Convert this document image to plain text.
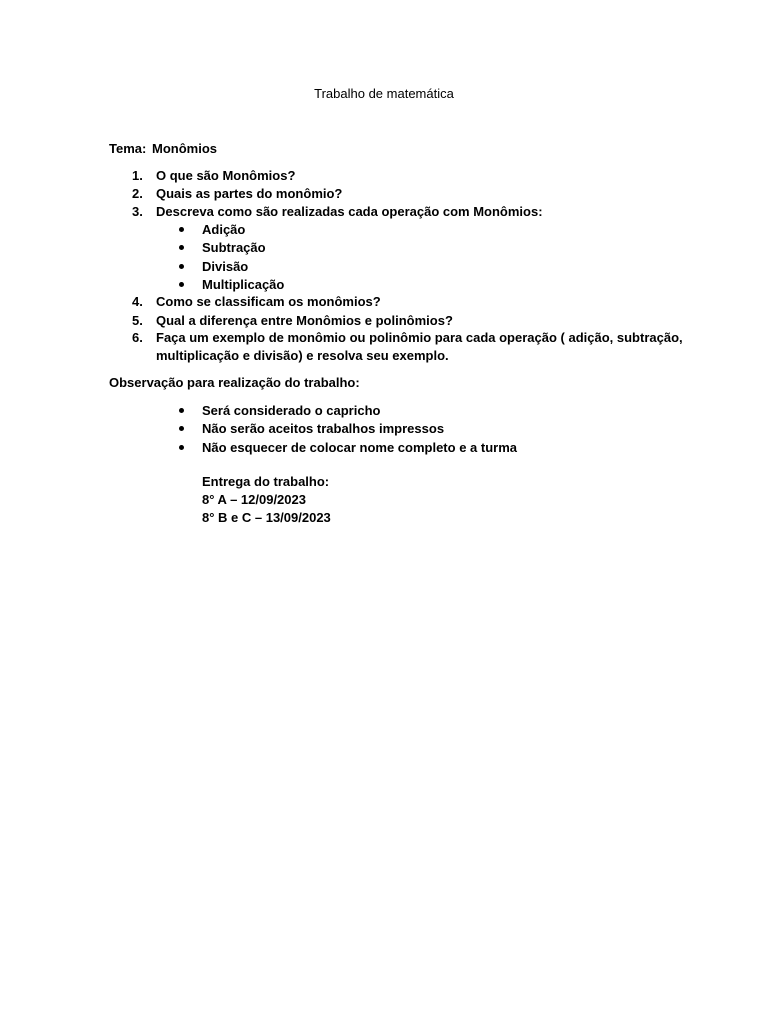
Trabalho de matemática
Tema: Monômios
1. O que são Monômios?
2. Quais as partes do monômio?
3. Descreva como são realizadas cada operação com Monômios:
Adição
Subtração
Divisão
Multiplicação
4. Como se classificam os monômios?
5. Qual a diferença entre Monômios e polinômios?
6. Faça um exemplo de monômio ou polinômio para cada operação ( adição, subtração,
multiplicação e divisão) e resolva seu exemplo.
Observação para realização do trabalho:
Será considerado o capricho
Não serão aceitos trabalhos impressos
Não esquecer de colocar nome completo e a turma
Entrega do trabalho:
8° A – 12/09/2023
8° B e C – 13/09/2023
